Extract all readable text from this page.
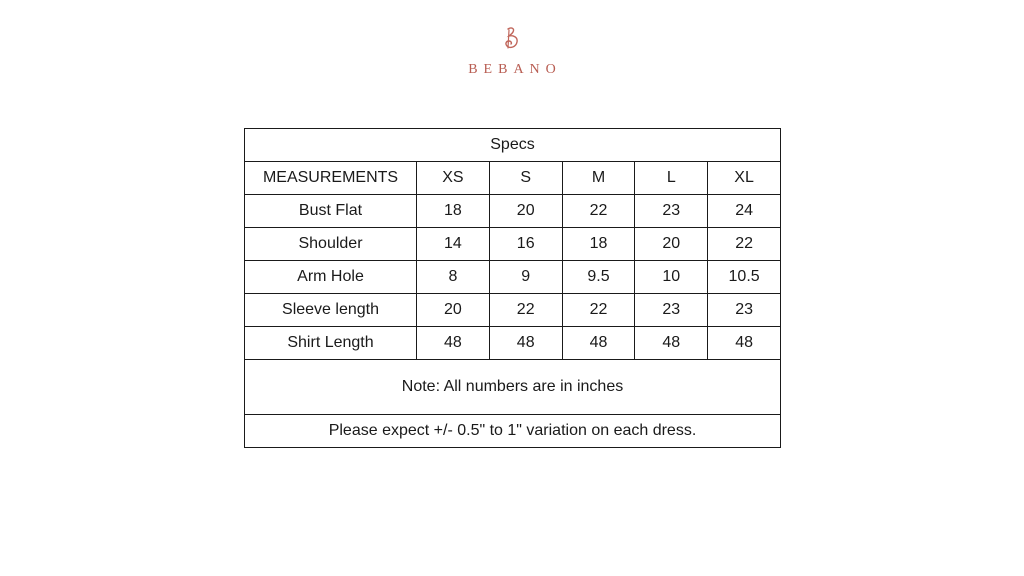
BEBANO
Specs					
MEASUREMENTS	XS	S	M	L	XL
Bust Flat	18	20	22	23	24
Shoulder	14	16	18	20	22
Arm Hole	8	9	9.5	10	10.5
Sleeve length	20	22	22	23	23
Shirt Length	48	48	48	48	48
Note: All numbers are in inches					
Please expect +/- 0.5" to 1" variation on each dress.					
